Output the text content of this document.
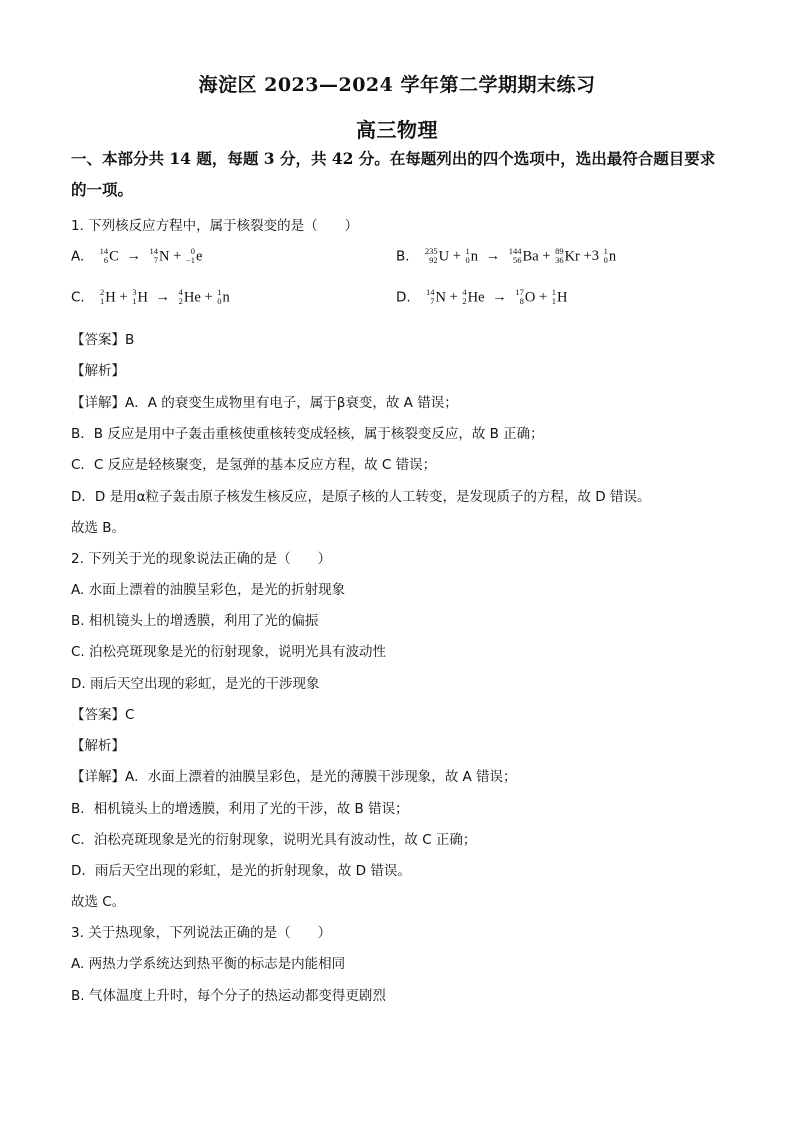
海淀区 2023—2024 学年第二学期期末练习
高三物理
一、本部分共 14 题，每题 3 分，共 42 分。在每题列出的四个选项中，选出最符合题目要求
的一项。
1. 下列核反应方程中，属于核裂变的是（　　）
A. 14
6 C → 14
7 N +	0
−1 e	B. 235
92 U + 1
0 n → 144
56 Ba + 89
36 Kr +3 1
0 n
C. 2
1 H + 3
1 H → 4
2 He + 1
0 n	D. 14
7 N + 4
2 He → 17
8 O + 1
1 H
【答案】B
【解析】
【详解】A．A 的衰变生成物里有电子，属于β衰变，故 A 错误；
B．B 反应是用中子轰击重核使重核转变成轻核，属于核裂变反应，故 B 正确；
C．C 反应是轻核聚变，是氢弹的基本反应方程，故 C 错误；
D．D 是用α粒子轰击原子核发生核反应，是原子核的人工转变，是发现质子的方程，故 D 错误。
故选 B。
2. 下列关于光的现象说法正确的是（　　）
A. 水面上漂着的油膜呈彩色，是光的折射现象
B. 相机镜头上的增透膜，利用了光的偏振
C. 泊松亮斑现象是光的衍射现象，说明光具有波动性
D. 雨后天空出现的彩虹，是光的干涉现象
【答案】C
【解析】
【详解】A．水面上漂着的油膜呈彩色，是光的薄膜干涉现象，故 A 错误；
B．相机镜头上的增透膜，利用了光的干涉，故 B 错误；
C．泊松亮斑现象是光的衍射现象，说明光具有波动性，故 C 正确；
D．雨后天空出现的彩虹，是光的折射现象，故 D 错误。
故选 C。
3. 关于热现象，下列说法正确的是（　　）
A. 两热力学系统达到热平衡的标志是内能相同
B. 气体温度上升时，每个分子的热运动都变得更剧烈
